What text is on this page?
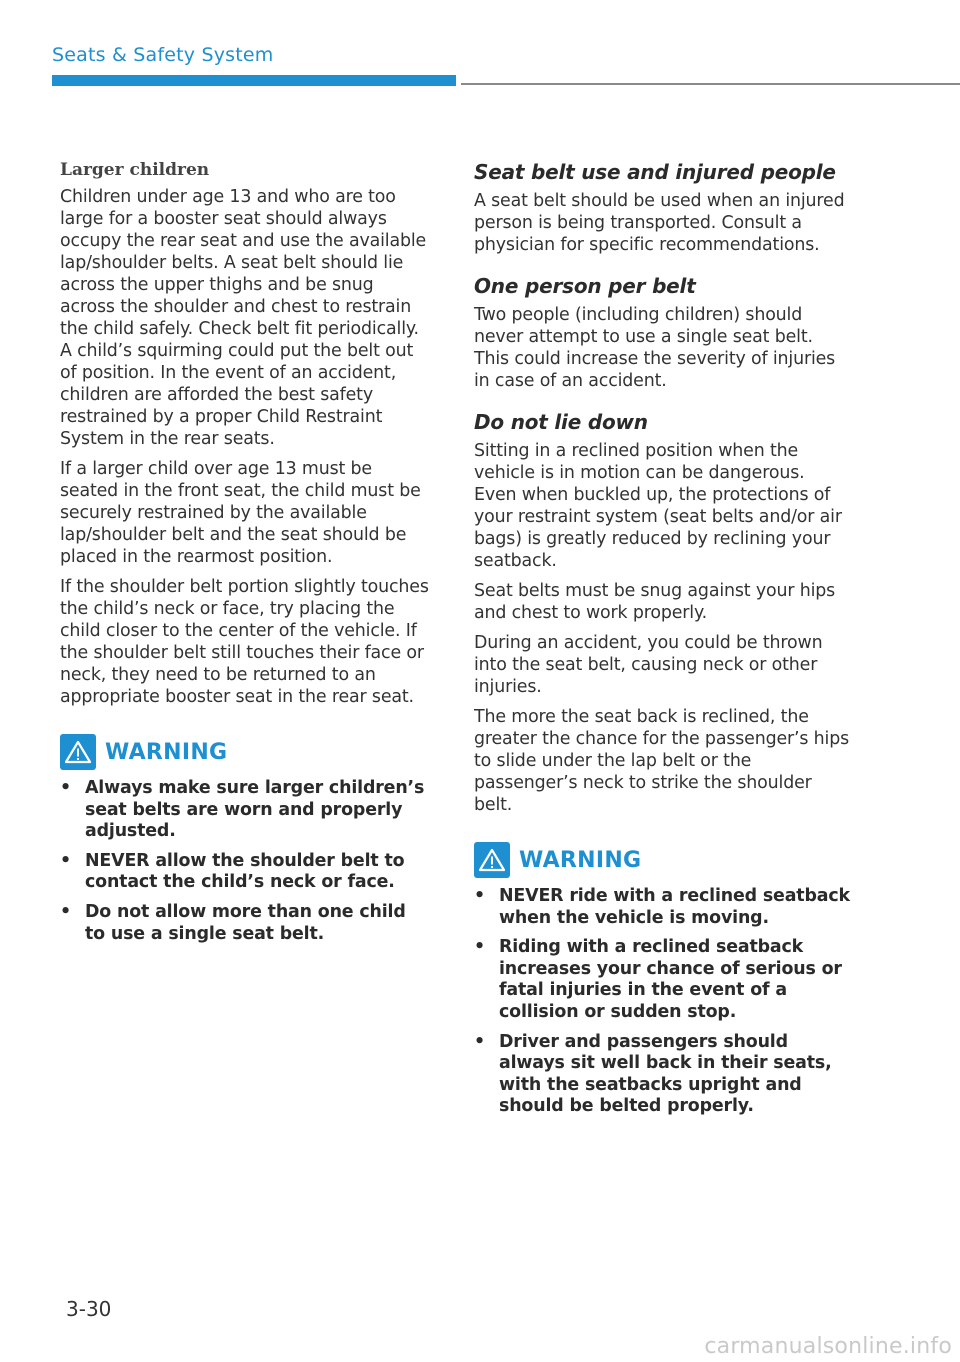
Seats & Safety System
Larger children

Children under age 13 and who are too large for a booster seat should always occupy the rear seat and use the available lap/shoulder belts. A seat belt should lie across the upper thighs and be snug across the shoulder and chest to restrain the child safely. Check belt fit periodically. A child’s squirming could put the belt out of position. In the event of an accident, children are afforded the best safety restrained by a proper Child Restraint System in the rear seats.

If a larger child over age 13 must be seated in the front seat, the child must be securely restrained by the available lap/shoulder belt and the seat should be placed in the rearmost position.

If the shoulder belt portion slightly touches the child’s neck or face, try placing the child closer to the center of the vehicle. If the shoulder belt still touches their face or neck, they need to be returned to an appropriate booster seat in the rear seat.

WARNING
• Always make sure larger children’s seat belts are worn and properly adjusted.
• NEVER allow the shoulder belt to contact the child’s neck or face.
• Do not allow more than one child to use a single seat belt.
Seat belt use and injured people

A seat belt should be used when an injured person is being transported. Consult a physician for specific recommendations.

One person per belt

Two people (including children) should never attempt to use a single seat belt. This could increase the severity of injuries in case of an accident.

Do not lie down

Sitting in a reclined position when the vehicle is in motion can be dangerous. Even when buckled up, the protections of your restraint system (seat belts and/or air bags) is greatly reduced by reclining your seatback.

Seat belts must be snug against your hips and chest to work properly.

During an accident, you could be thrown into the seat belt, causing neck or other injuries.

The more the seat back is reclined, the greater the chance for the passenger’s hips to slide under the lap belt or the passenger’s neck to strike the shoulder belt.

WARNING
• NEVER ride with a reclined seatback when the vehicle is moving.
• Riding with a reclined seatback increases your chance of serious or fatal injuries in the event of a collision or sudden stop.
• Driver and passengers should always sit well back in their seats, with the seatbacks upright and should be belted properly.
3-30
carmanualsonline.info
